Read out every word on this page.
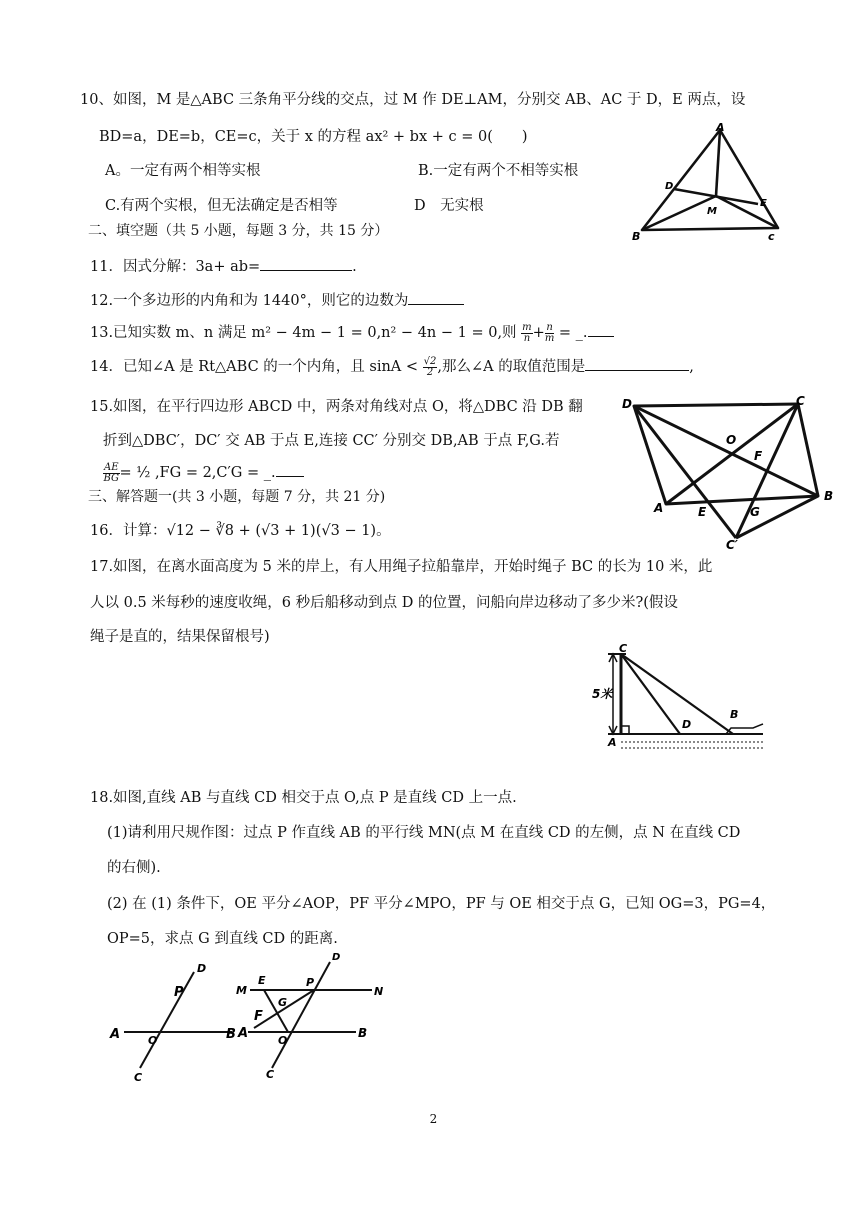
10、如图，M 是△ABC 三条角平分线的交点，过 M 作 DE⊥AM，分别交 AB、AC 于 D，E 两点，设
BD=a，DE=b，CE=c，关于 x 的方程 ax² + bx + c = 0(　　)
A。一定有两个相等实根	B.一定有两个不相等实根
C.有两个实根，但无法确定是否相等	D　无实根
A
B	c
D
E
M
二、填空题（共 5 小题，每题 3 分，共 15 分）
11．因式分解：3a+ ab=	.
12.一个多边形的内角和为 1440°，则它的边数为
13.已知实数 m、n 满足 m² − 4m − 1 = 0,n² − 4n − 1 = 0,则 $\frac{m}{n} + \frac{n}{m}$ = _.
14．已知∠A 是 Rt△ABC 的一个内角，且 $\sin A < \frac{√2}{2}$ ,那么∠A 的取值范围是	,
15.如图，在平行四边形 ABCD 中，两条对角线对点 O，将△DBC 沿 DB 翻
折到△DBC′，DC′ 交 AB 于点 E,连接 CC′ 分别交 DB,AB 于点 F,G.若
$\frac{AE}{BG}$ = ½ ,FG = 2,C′G = _.
D	C
O
F
A	E	G
B
C′
三、解答题一(共 3 小题，每题 7 分，共 21 分)
16．计算：√12 − ∛8 + (√3 + 1)(√3 − 1)。
17.如图，在离水面高度为 5 米的岸上，有人用绳子拉船靠岸，开始时绳子 BC 的长为 10 米，此
人以 0.5 米每秒的速度收绳，6 秒后船移动到点 D 的位置，问船向岸边移动了多少米?(假设
绳子是直的，结果保留根号)
C
5米
A
D
B
18.如图,直线 AB 与直线 CD 相交于点 O,点 P 是直线 CD 上一点.
(1)请利用尺规作图：过点 P 作直线 AB 的平行线 MN(点 M 在直线 CD 的左侧，点 N 在直线 CD
的右侧).
(2) 在 (1) 条件下，OE 平分∠AOP，PF 平分∠MPO，PF 与 OE 相交于点 G，已知 OG=3，PG=4，
OP=5，求点 G 到直线 CD 的距离.
D
P
A	O	B
C
D
M
E	P
N
G
F
A	O
B
C
2
